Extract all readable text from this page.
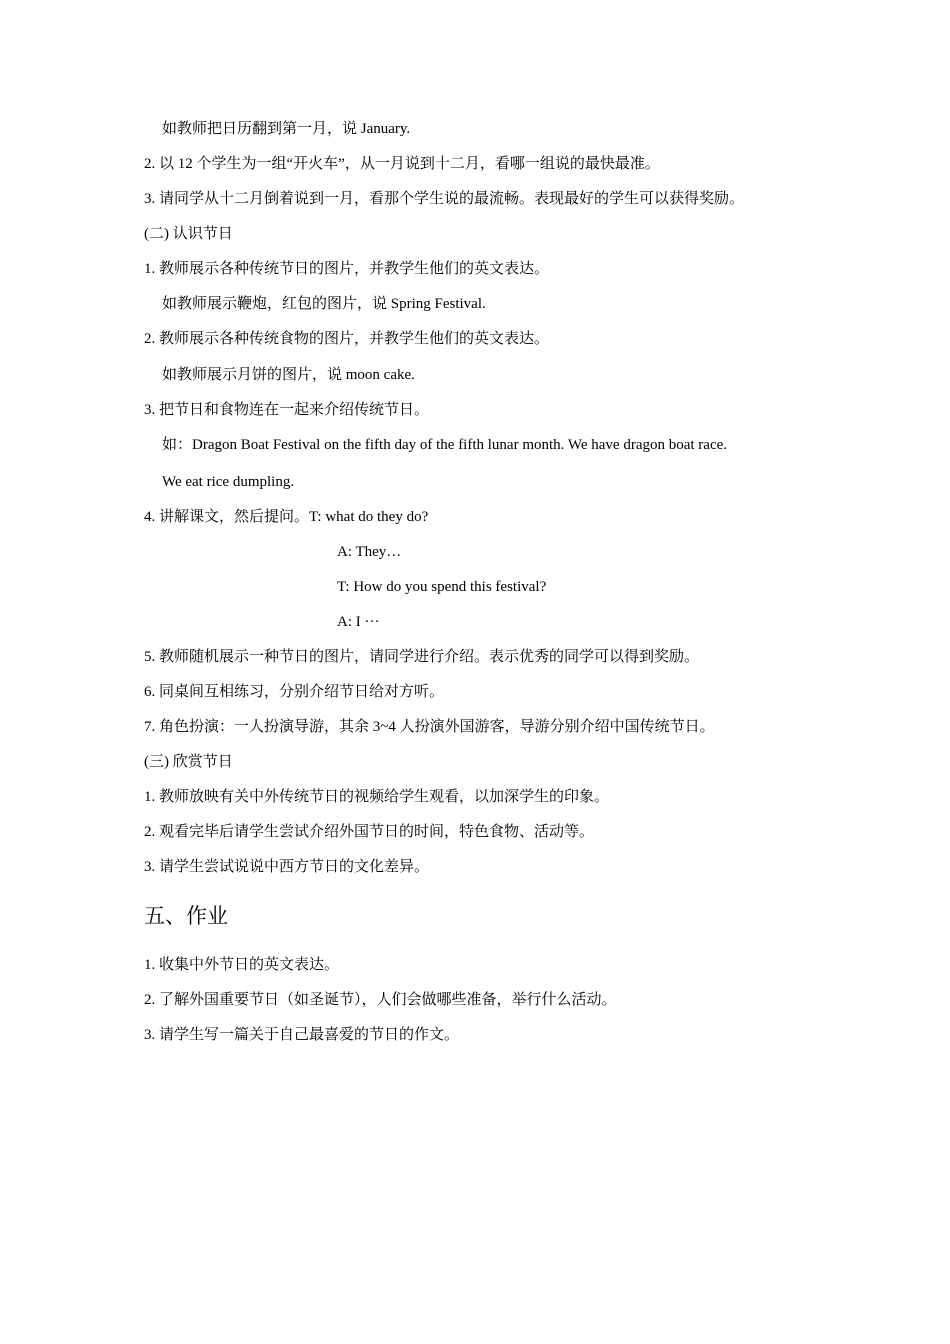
如教师把日历翻到第一月，说 January.
2. 以 12 个学生为一组“开火车”，从一月说到十二月，看哪一组说的最快最准。
3. 请同学从十二月倒着说到一月，看那个学生说的最流畅。表现最好的学生可以获得奖励。
(二) 认识节日
1. 教师展示各种传统节日的图片，并教学生他们的英文表达。
如教师展示鞭炮，红包的图片，说 Spring Festival.
2. 教师展示各种传统食物的图片，并教学生他们的英文表达。
如教师展示月饼的图片，说 moon cake.
3. 把节日和食物连在一起来介绍传统节日。
如：Dragon Boat Festival on the fifth day of the fifth lunar month. We have dragon boat race.
We eat rice dumpling.
4. 讲解课文，然后提问。T: what do they do?
A: They…
T: How do you spend this festival?
A: I ···
5. 教师随机展示一种节日的图片，请同学进行介绍。表示优秀的同学可以得到奖励。
6. 同桌间互相练习，分别介绍节日给对方听。
7. 角色扮演：一人扮演导游，其余 3~4 人扮演外国游客，导游分别介绍中国传统节日。
(三) 欣赏节日
1. 教师放映有关中外传统节日的视频给学生观看，以加深学生的印象。
2. 观看完毕后请学生尝试介绍外国节日的时间，特色食物、活动等。
3. 请学生尝试说说中西方节日的文化差异。
五、作业
1. 收集中外节日的英文表达。
2. 了解外国重要节日（如圣诞节），人们会做哪些准备，举行什么活动。
3. 请学生写一篇关于自己最喜爱的节日的作文。
